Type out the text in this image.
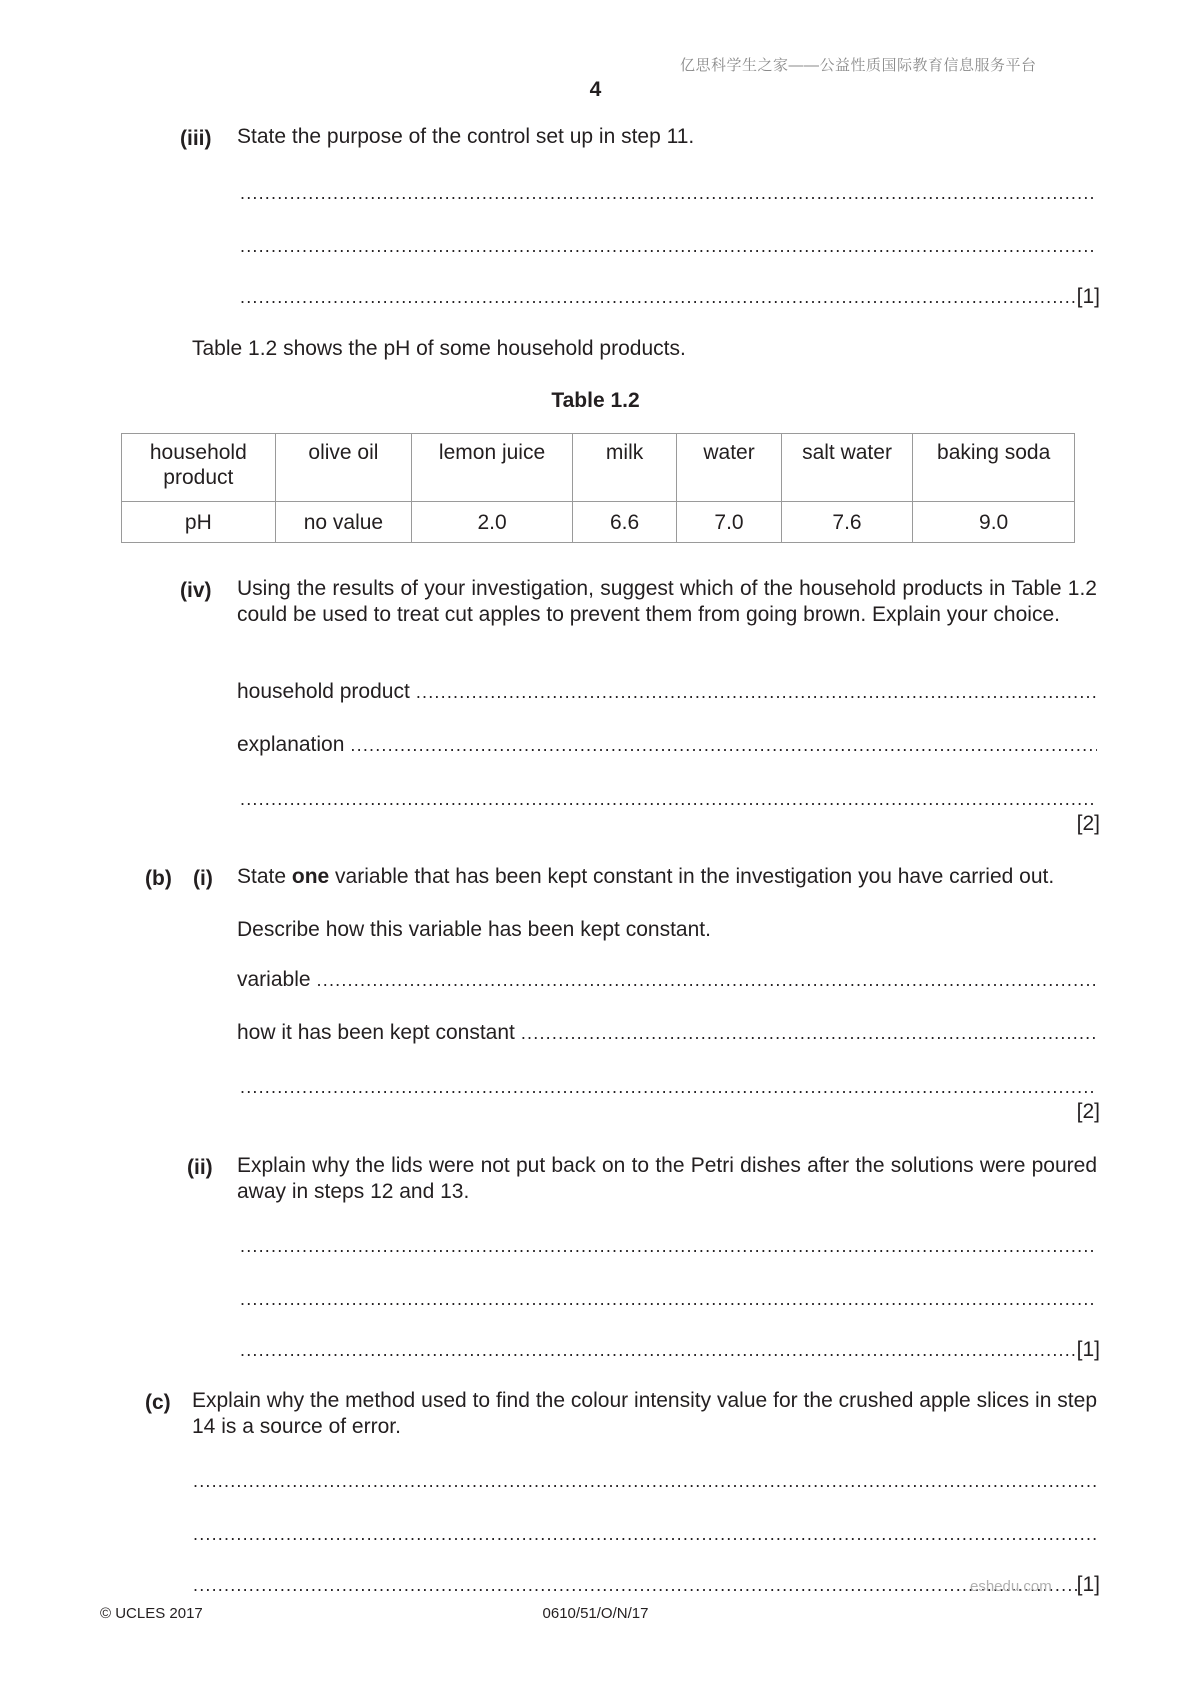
亿思科学生之家——公益性质国际教育信息服务平台
4
(iii) State the purpose of the control set up in step 11.
.....
.....
.....
[1]
Table 1.2 shows the pH of some household products.
Table 1.2
household product	olive oil	lemon juice	milk	water	salt water	baking soda
pH	no value	2.0	6.6	7.0	7.6	9.0
(iv) Using the results of your investigation, suggest which of the household products in Table 1.2 could be used to treat cut apples to prevent them from going brown. Explain your choice.
household product
.....
explanation
.....
.....
[2]
(b) (i) State one variable that has been kept constant in the investigation you have carried out.
Describe how this variable has been kept constant.
variable
.....
how it has been kept constant
.....
.....
[2]
(ii) Explain why the lids were not put back on to the Petri dishes after the solutions were poured away in steps 12 and 13.
.....
.....
.....
[1]
(c) Explain why the method used to find the colour intensity value for the crushed apple slices in step 14 is a source of error.
.....
.....
.....
[1]
eshedu.com
© UCLES 2017	0610/51/O/N/17
